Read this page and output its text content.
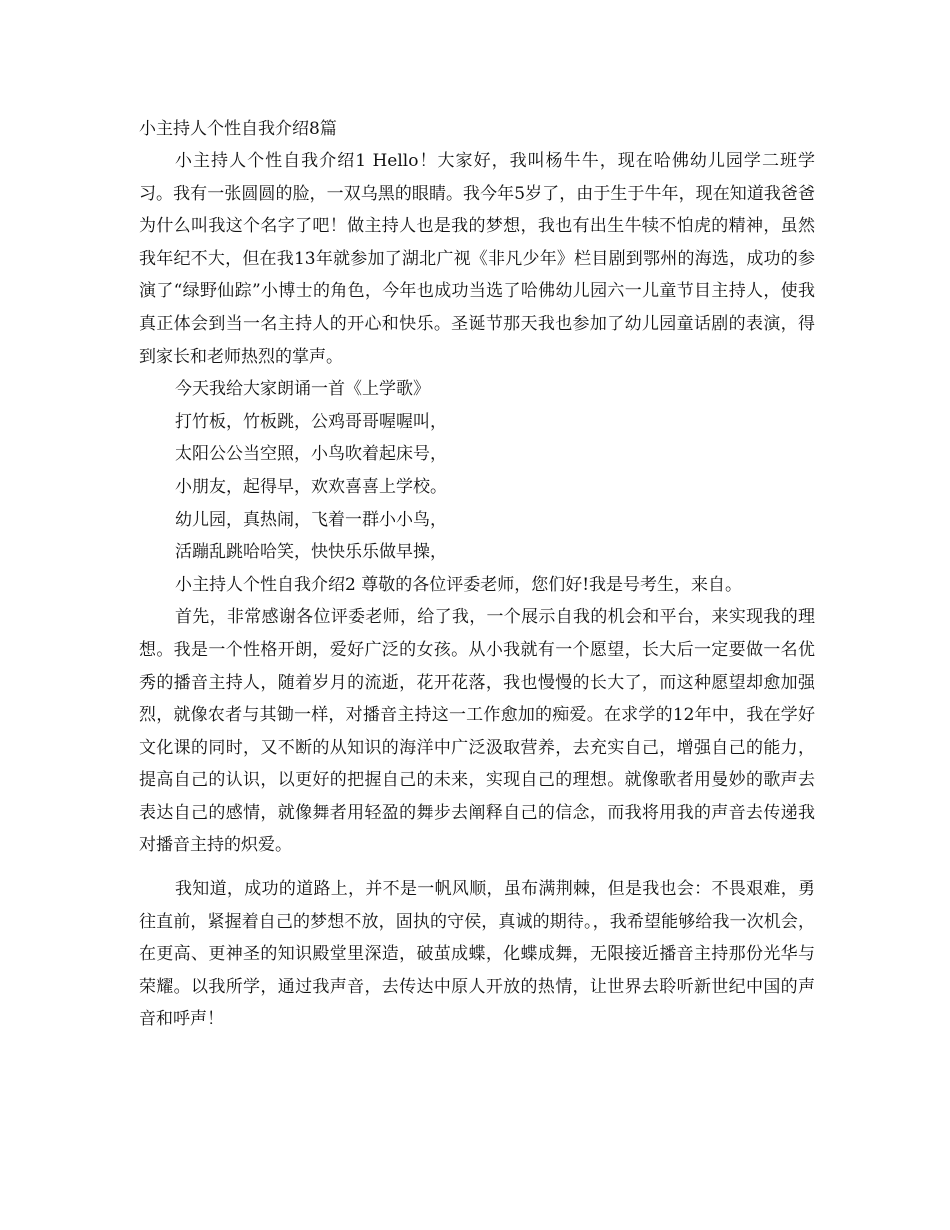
小主持人个性自我介绍8篇

小主持人个性自我介绍1 Hello！大家好，我叫杨牛牛，现在哈佛幼儿园学二班学习。我有一张圆圆的脸，一双乌黑的眼睛。我今年5岁了，由于生于牛年，现在知道我爸爸为什么叫我这个名字了吧！做主持人也是我的梦想，我也有出生牛犊不怕虎的精神，虽然我年纪不大，但在我13年就参加了湖北广视《非凡少年》栏目剧到鄂州的海选，成功的参演了“绿野仙踪”小博士的角色，今年也成功当选了哈佛幼儿园六一儿童节目主持人，使我真正体会到当一名主持人的开心和快乐。圣诞节那天我也参加了幼儿园童话剧的表演，得到家长和老师热烈的掌声。

今天我给大家朗诵一首《上学歌》

打竹板，竹板跳，公鸡哥哥喔喔叫，

太阳公公当空照，小鸟吹着起床号，

小朋友，起得早，欢欢喜喜上学校。

幼儿园，真热闹，飞着一群小小鸟，

活蹦乱跳哈哈笑，快快乐乐做早操，

小主持人个性自我介绍2 尊敬的各位评委老师，您们好!我是号考生，来自。

首先，非常感谢各位评委老师，给了我，一个展示自我的机会和平台，来实现我的理想。我是一个性格开朗，爱好广泛的女孩。从小我就有一个愿望，长大后一定要做一名优秀的播音主持人，随着岁月的流逝，花开花落，我也慢慢的长大了，而这种愿望却愈加强烈，就像农者与其锄一样，对播音主持这一工作愈加的痴爱。在求学的12年中，我在学好文化课的同时，又不断的从知识的海洋中广泛汲取营养，去充实自己，增强自己的能力，提高自己的认识，以更好的把握自己的未来，实现自己的理想。就像歌者用曼妙的歌声去表达自己的感情，就像舞者用轻盈的舞步去阐释自己的信念，而我将用我的声音去传递我对播音主持的炽爱。

我知道，成功的道路上，并不是一帆风顺，虽布满荆棘，但是我也会：不畏艰难，勇往直前，紧握着自己的梦想不放，固执的守侯，真诚的期待。，我希望能够给我一次机会，在更高、更神圣的知识殿堂里深造，破茧成蝶，化蝶成舞，无限接近播音主持那份光华与荣耀。以我所学，通过我声音，去传达中原人开放的热情，让世界去聆听新世纪中国的声音和呼声！
